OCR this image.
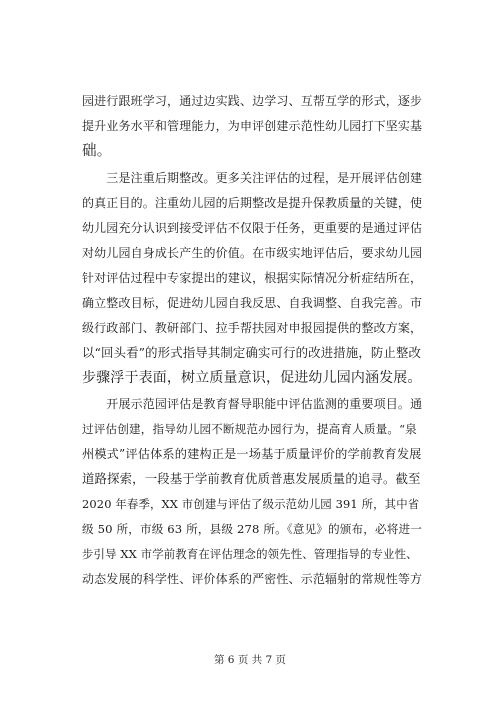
园进行跟班学习，通过边实践、边学习、互帮互学的形式，逐步
提升业务水平和管理能力，为申评创建示范性幼儿园打下坚实基
础。
　　三是注重后期整改。更多关注评估的过程，是开展评估创建
的真正目的。注重幼儿园的后期整改是提升保教质量的关键，使
幼儿园充分认识到接受评估不仅限于任务，更重要的是通过评估
对幼儿园自身成长产生的价值。在市级实地评估后，要求幼儿园
针对评估过程中专家提出的建议，根据实际情况分析症结所在，
确立整改目标，促进幼儿园自我反思、自我调整、自我完善。市
级行政部门、教研部门、拉手帮扶园对申报园提供的整改方案，
以“回头看”的形式指导其制定确实可行的改进措施，防止整改
步骤浮于表面，树立质量意识，促进幼儿园内涵发展。
　　开展示范园评估是教育督导职能中评估监测的重要项目。通
过评估创建，指导幼儿园不断规范办园行为，提高育人质量。“泉
州模式”评估体系的建构正是一场基于质量评价的学前教育发展
道路探索，一段基于学前教育优质普惠发展质量的追寻。截至
2020 年春季，XX 市创建与评估了级示范幼儿园 391 所，其中省
级 50 所，市级 63 所，县级 278 所。《意见》的颁布，必将进一
步引导 XX 市学前教育在评估理念的领先性、管理指导的专业性、
动态发展的科学性、评价体系的严密性、示范辐射的常规性等方
第 6 页 共 7 页
